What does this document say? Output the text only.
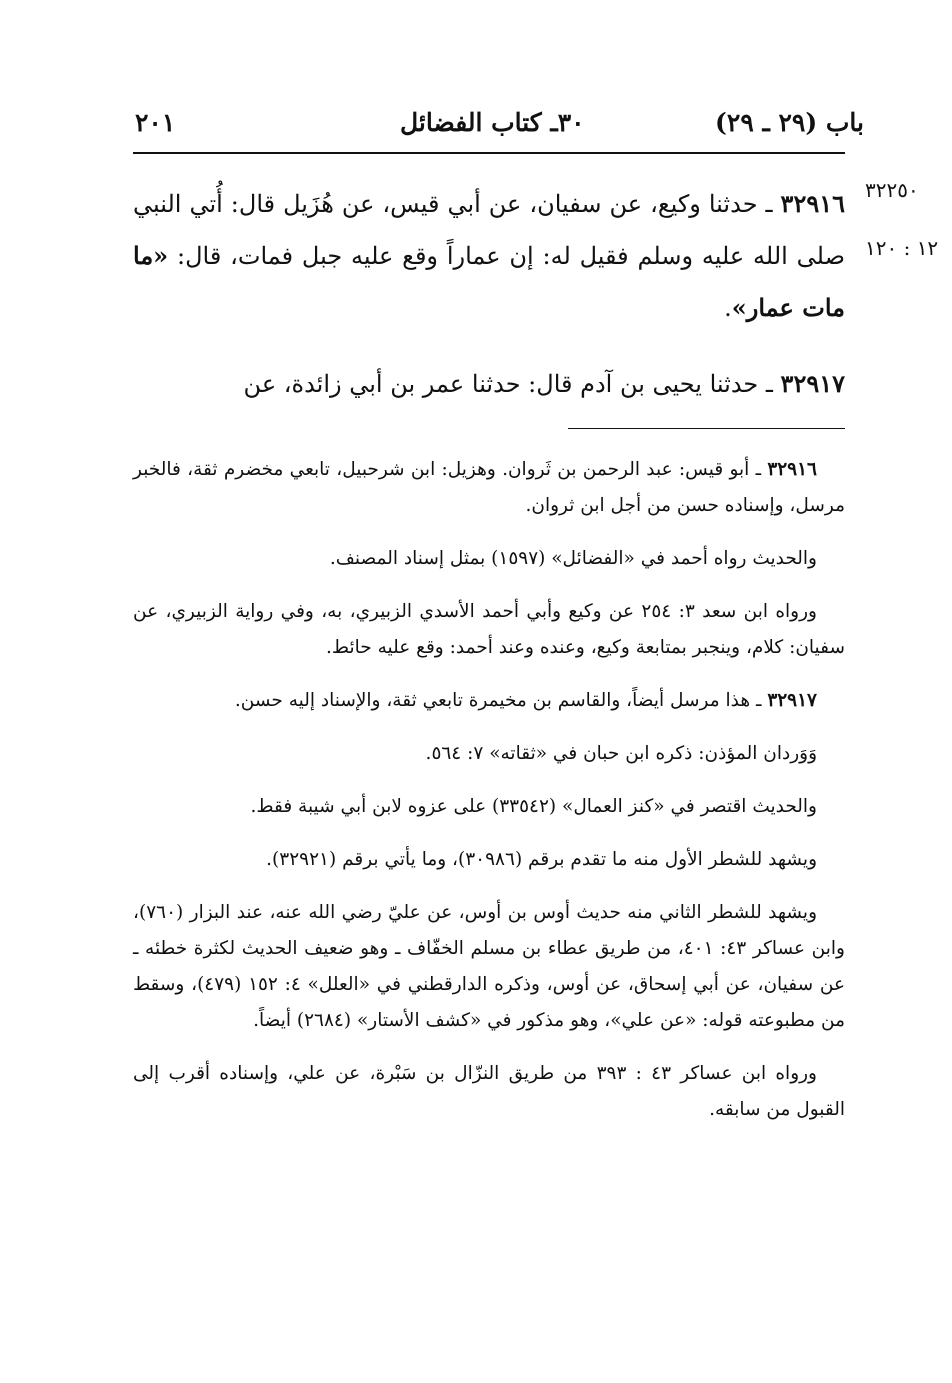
باب (٢٩ ـ ٢٩)
٣٠ـ كتاب الفضائل
٢٠١
٣٢٢٥٠
١٢ : ١٢٠
٣٢٩١٦ ـ حدثنا وكيع، عن سفيان، عن أبي قيس، عن هُزَيل قال: أُتي النبي صلى الله عليه وسلم فقيل له: إن عماراً وقع عليه جبل فمات، قال: «ما مات عمار».
٣٢٩١٧ ـ حدثنا يحيى بن آدم قال: حدثنا عمر بن أبي زائدة، عن

٣٢٩١٦ ـ أبو قيس: عبد الرحمن بن ثَروان. وهزيل: ابن شرحبيل، تابعي مخضرم ثقة، فالخبر مرسل، وإسناده حسن من أجل ابن ثروان.

والحديث رواه أحمد في «الفضائل» (١٥٩٧) بمثل إسناد المصنف.

ورواه ابن سعد ٣: ٢٥٤ عن وكيع وأبي أحمد الأسدي الزبيري، به، وفي رواية الزبيري، عن سفيان: كلام، وينجبر بمتابعة وكيع، وعنده وعند أحمد: وقع عليه حائط.

٣٢٩١٧ ـ هذا مرسل أيضاً، والقاسم بن مخيمرة تابعي ثقة، والإسناد إليه حسن.

وَوَردان المؤذن: ذكره ابن حبان في «ثقاته» ٧: ٥٦٤.

والحديث اقتصر في «كنز العمال» (٣٣٥٤٢) على عزوه لابن أبي شيبة فقط.

ويشهد للشطر الأول منه ما تقدم برقم (٣٠٩٨٦)، وما يأتي برقم (٣٢٩٢١).

ويشهد للشطر الثاني منه حديث أوس بن أوس، عن عليّ رضي الله عنه، عند البزار (٧٦٠)، وابن عساكر ٤٣: ٤٠١، من طريق عطاء بن مسلم الخفّاف ـ وهو ضعيف الحديث لكثرة خطئه ـ عن سفيان، عن أبي إسحاق، عن أوس، وذكره الدارقطني في «العلل» ٤: ١٥٢ (٤٧٩)، وسقط من مطبوعته قوله: «عن علي»، وهو مذكور في «كشف الأستار» (٢٦٨٤) أيضاً.

ورواه ابن عساكر ٤٣ : ٣٩٣ من طريق النزّال بن سَبْرة، عن علي، وإسناده أقرب إلى القبول من سابقه.
